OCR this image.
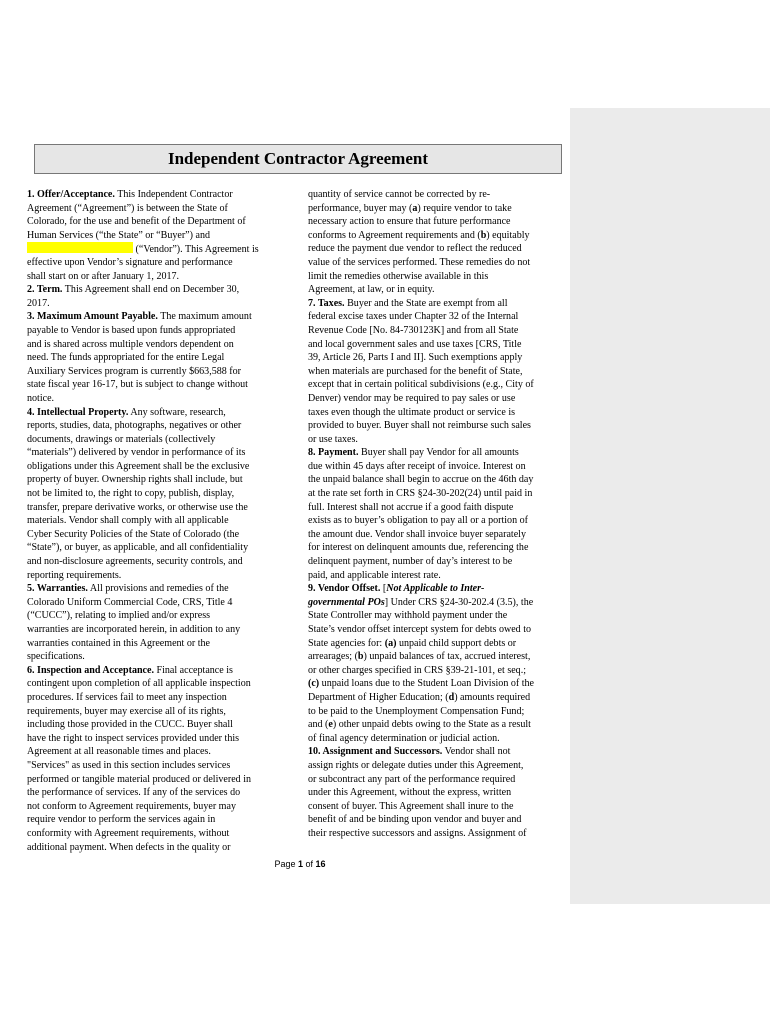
Independent Contractor Agreement
1. Offer/Acceptance. This Independent Contractor
Agreement (“Agreement”) is between the State of
Colorado, for the use and benefit of the Department of
Human Services (“the State” or “Buyer”) and
(“Vendor”). This Agreement is
effective upon Vendor’s signature and performance
shall start on or after January 1, 2017.
2. Term. This Agreement shall end on December 30,
2017.
3. Maximum Amount Payable. The maximum amount
payable to Vendor is based upon funds appropriated
and is shared across multiple vendors dependent on
need. The funds appropriated for the entire Legal
Auxiliary Services program is currently $663,588 for
state fiscal year 16-17, but is subject to change without
notice.
4. Intellectual Property. Any software, research,
reports, studies, data, photographs, negatives or other
documents, drawings or materials (collectively
“materials”) delivered by vendor in performance of its
obligations under this Agreement shall be the exclusive
property of buyer. Ownership rights shall include, but
not be limited to, the right to copy, publish, display,
transfer, prepare derivative works, or otherwise use the
materials. Vendor shall comply with all applicable
Cyber Security Policies of the State of Colorado (the
“State”), or buyer, as applicable, and all confidentiality
and non-disclosure agreements, security controls, and
reporting requirements.
5. Warranties. All provisions and remedies of the
Colorado Uniform Commercial Code, CRS, Title 4
(“CUCC”), relating to implied and/or express
warranties are incorporated herein, in addition to any
warranties contained in this Agreement or the
specifications.
6. Inspection and Acceptance. Final acceptance is
contingent upon completion of all applicable inspection
procedures. If services fail to meet any inspection
requirements, buyer may exercise all of its rights,
including those provided in the CUCC. Buyer shall
have the right to inspect services provided under this
Agreement at all reasonable times and places.
"Services" as used in this section includes services
performed or tangible material produced or delivered in
the performance of services. If any of the services do
not conform to Agreement requirements, buyer may
require vendor to perform the services again in
conformity with Agreement requirements, without
additional payment. When defects in the quality or
quantity of service cannot be corrected by re-
performance, buyer may (a) require vendor to take
necessary action to ensure that future performance
conforms to Agreement requirements and (b) equitably
reduce the payment due vendor to reflect the reduced
value of the services performed. These remedies do not
limit the remedies otherwise available in this
Agreement, at law, or in equity.
7. Taxes. Buyer and the State are exempt from all
federal excise taxes under Chapter 32 of the Internal
Revenue Code [No. 84-730123K] and from all State
and local government sales and use taxes [CRS, Title
39, Article 26, Parts I and II]. Such exemptions apply
when materials are purchased for the benefit of State,
except that in certain political subdivisions (e.g., City of
Denver) vendor may be required to pay sales or use
taxes even though the ultimate product or service is
provided to buyer. Buyer shall not reimburse such sales
or use taxes.
8. Payment. Buyer shall pay Vendor for all amounts
due within 45 days after receipt of invoice. Interest on
the unpaid balance shall begin to accrue on the 46th day
at the rate set forth in CRS §24-30-202(24) until paid in
full. Interest shall not accrue if a good faith dispute
exists as to buyer’s obligation to pay all or a portion of
the amount due. Vendor shall invoice buyer separately
for interest on delinquent amounts due, referencing the
delinquent payment, number of day’s interest to be
paid, and applicable interest rate.
9. Vendor Offset. [Not Applicable to Inter-
governmental POs] Under CRS §24-30-202.4 (3.5), the
State Controller may withhold payment under the
State’s vendor offset intercept system for debts owed to
State agencies for: (a) unpaid child support debts or
arrearages; (b) unpaid balances of tax, accrued interest,
or other charges specified in CRS §39-21-101, et seq.;
(c) unpaid loans due to the Student Loan Division of the
Department of Higher Education; (d) amounts required
to be paid to the Unemployment Compensation Fund;
and (e) other unpaid debts owing to the State as a result
of final agency determination or judicial action.
10. Assignment and Successors. Vendor shall not
assign rights or delegate duties under this Agreement,
or subcontract any part of the performance required
under this Agreement, without the express, written
consent of buyer. This Agreement shall inure to the
benefit of and be binding upon vendor and buyer and
their respective successors and assigns. Assignment of
Page 1 of 16
